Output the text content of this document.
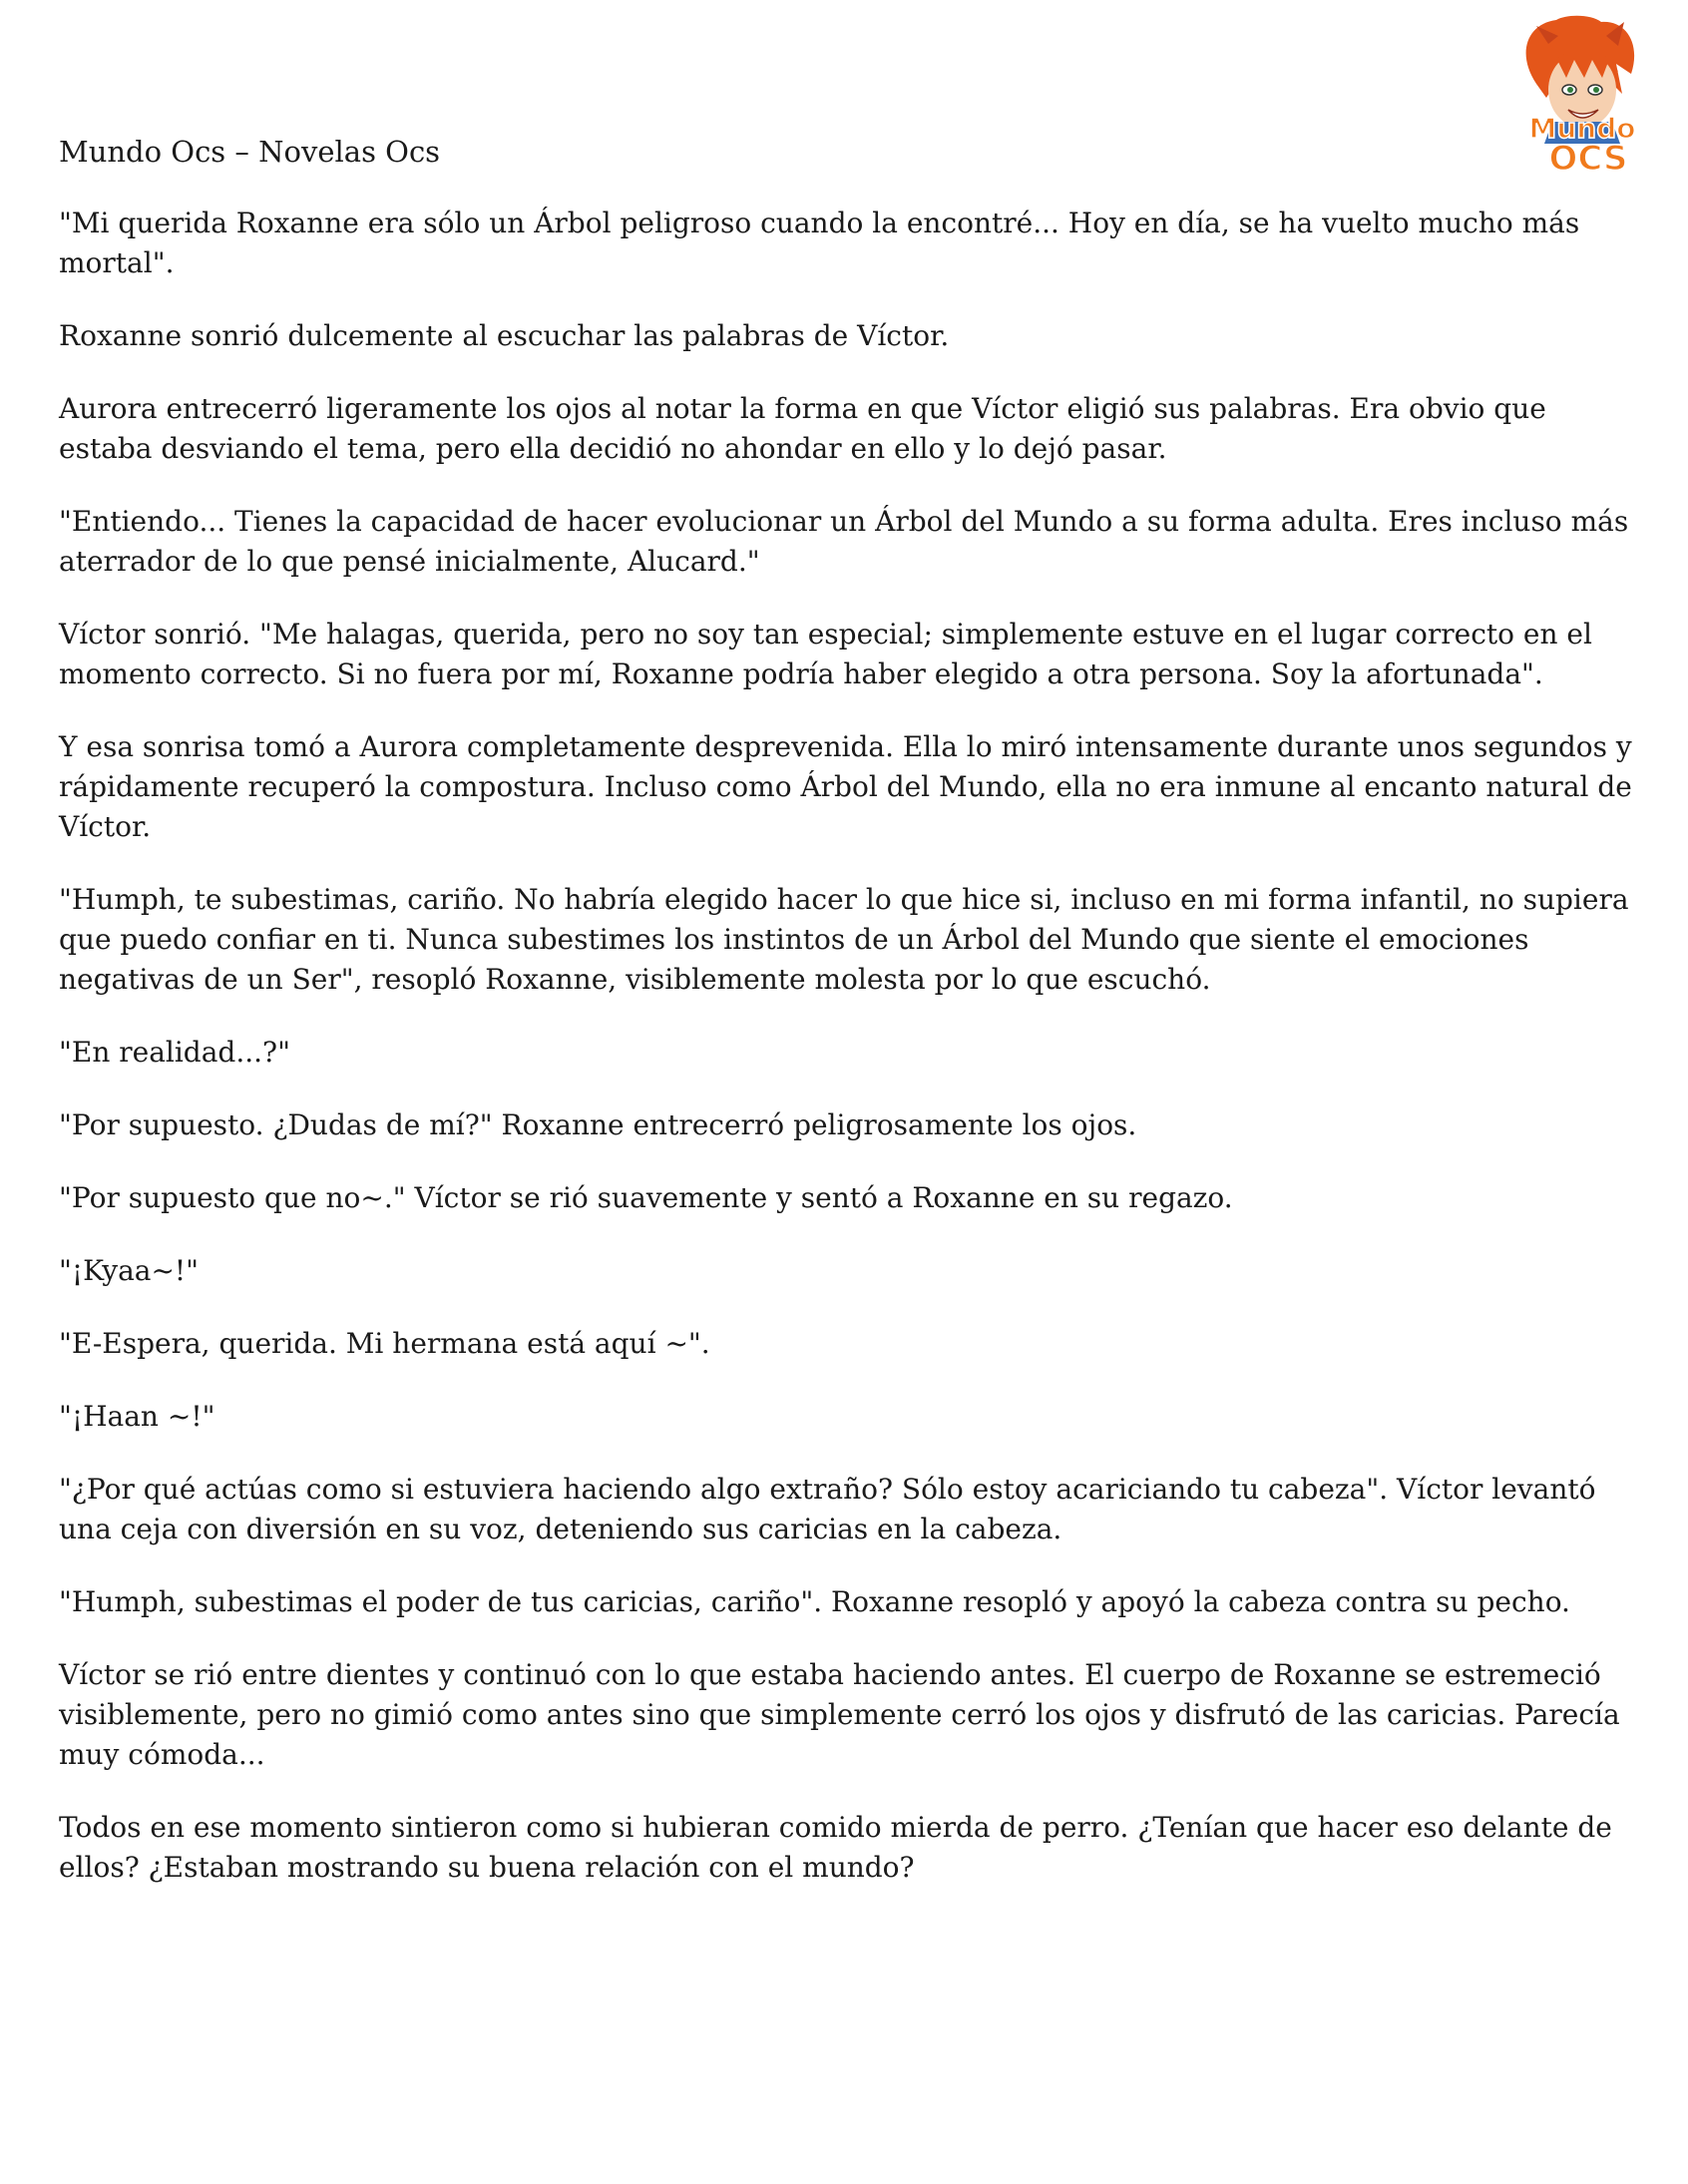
Mundo Ocs – Novelas Ocs
Mundo
OCS

"Mi querida Roxanne era sólo un Árbol peligroso cuando la encontré... Hoy en día, se ha vuelto mucho más mortal".

Roxanne sonrió dulcemente al escuchar las palabras de Víctor.

Aurora entrecerró ligeramente los ojos al notar la forma en que Víctor eligió sus palabras. Era obvio que estaba desviando el tema, pero ella decidió no ahondar en ello y lo dejó pasar.

"Entiendo... Tienes la capacidad de hacer evolucionar un Árbol del Mundo a su forma adulta. Eres incluso más aterrador de lo que pensé inicialmente, Alucard."

Víctor sonrió. "Me halagas, querida, pero no soy tan especial; simplemente estuve en el lugar correcto en el momento correcto. Si no fuera por mí, Roxanne podría haber elegido a otra persona. Soy la afortunada".

Y esa sonrisa tomó a Aurora completamente desprevenida. Ella lo miró intensamente durante unos segundos y rápidamente recuperó la compostura. Incluso como Árbol del Mundo, ella no era inmune al encanto natural de Víctor.

"Humph, te subestimas, cariño. No habría elegido hacer lo que hice si, incluso en mi forma infantil, no supiera que puedo confiar en ti. Nunca subestimes los instintos de un Árbol del Mundo que siente el emociones negativas de un Ser", resopló Roxanne, visiblemente molesta por lo que escuchó.

"En realidad...?"

"Por supuesto. ¿Dudas de mí?" Roxanne entrecerró peligrosamente los ojos.

"Por supuesto que no~." Víctor se rió suavemente y sentó a Roxanne en su regazo.

"¡Kyaa~!"

"E-Espera, querida. Mi hermana está aquí ~".

"¡Haan ~!"

"¿Por qué actúas como si estuviera haciendo algo extraño? Sólo estoy acariciando tu cabeza". Víctor levantó una ceja con diversión en su voz, deteniendo sus caricias en la cabeza.

"Humph, subestimas el poder de tus caricias, cariño". Roxanne resopló y apoyó la cabeza contra su pecho.

Víctor se rió entre dientes y continuó con lo que estaba haciendo antes. El cuerpo de Roxanne se estremeció visiblemente, pero no gimió como antes sino que simplemente cerró los ojos y disfrutó de las caricias. Parecía muy cómoda...

Todos en ese momento sintieron como si hubieran comido mierda de perro. ¿Tenían que hacer eso delante de ellos? ¿Estaban mostrando su buena relación con el mundo?
